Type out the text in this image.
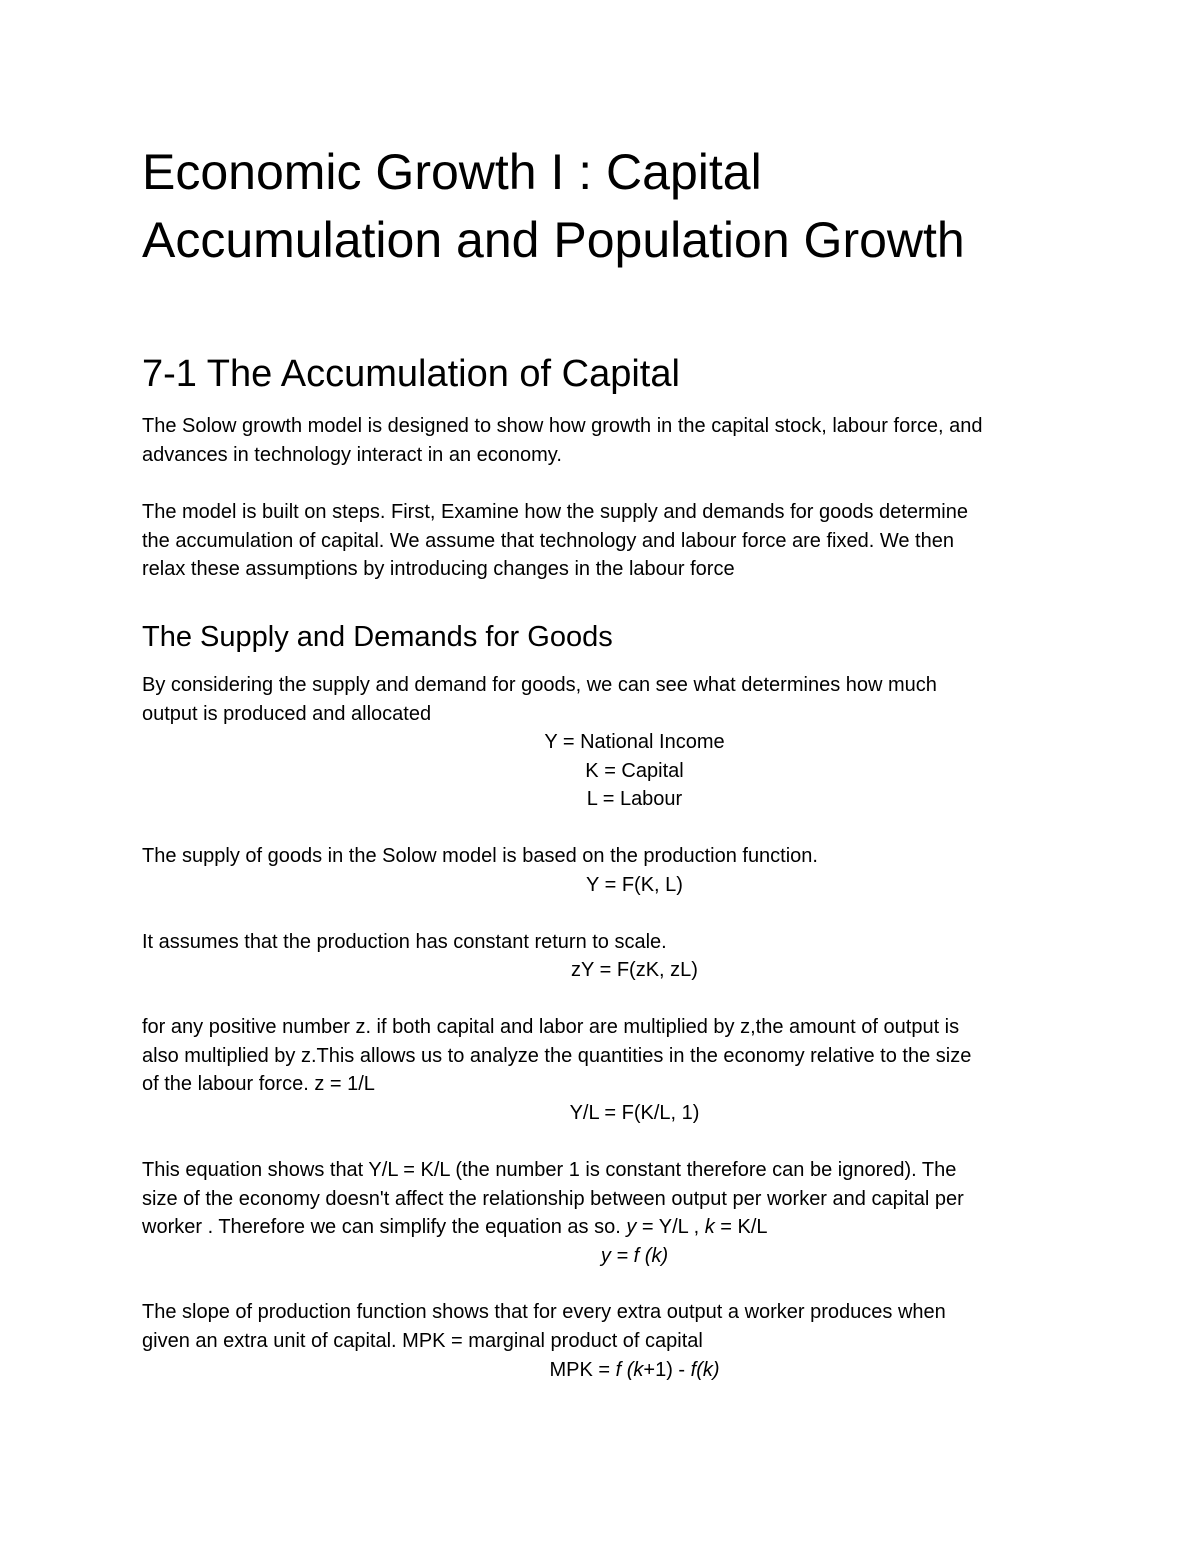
Economic Growth I : Capital Accumulation and Population Growth
7-1 The Accumulation of Capital

The Solow growth model is designed to show how growth in the capital stock, labour force, and
advances in technology interact in an economy.

The model is built on steps. First, Examine how the supply and demands for goods determine
the accumulation of capital. We assume that technology and labour force are fixed. We then
relax these assumptions by introducing changes in the labour force

The Supply and Demands for Goods

By considering the supply and demand for goods, we can see what determines how much
output is produced and allocated

Y = National Income

K = Capital

L = Labour

The supply of goods in the Solow model is based on the production function.

Y = F(K, L)

It assumes that the production has constant return to scale.

zY = F(zK, zL)

for any positive number z. if both capital and labor are multiplied by z,the amount of output is
also multiplied by z.This allows us to analyze the quantities in the economy relative to the size
of the labour force. z = 1/L

Y/L = F(K/L, 1)

This equation shows that Y/L = K/L (the number 1 is constant therefore can be ignored). The
size of the economy doesn't affect the relationship between output per worker and capital per
worker . Therefore we can simplify the equation as so. y = Y/L , k = K/L

y = f (k)

The slope of production function shows that for every extra output a worker produces when
given an extra unit of capital. MPK = marginal product of capital

MPK = f (k+1) - f(k)
